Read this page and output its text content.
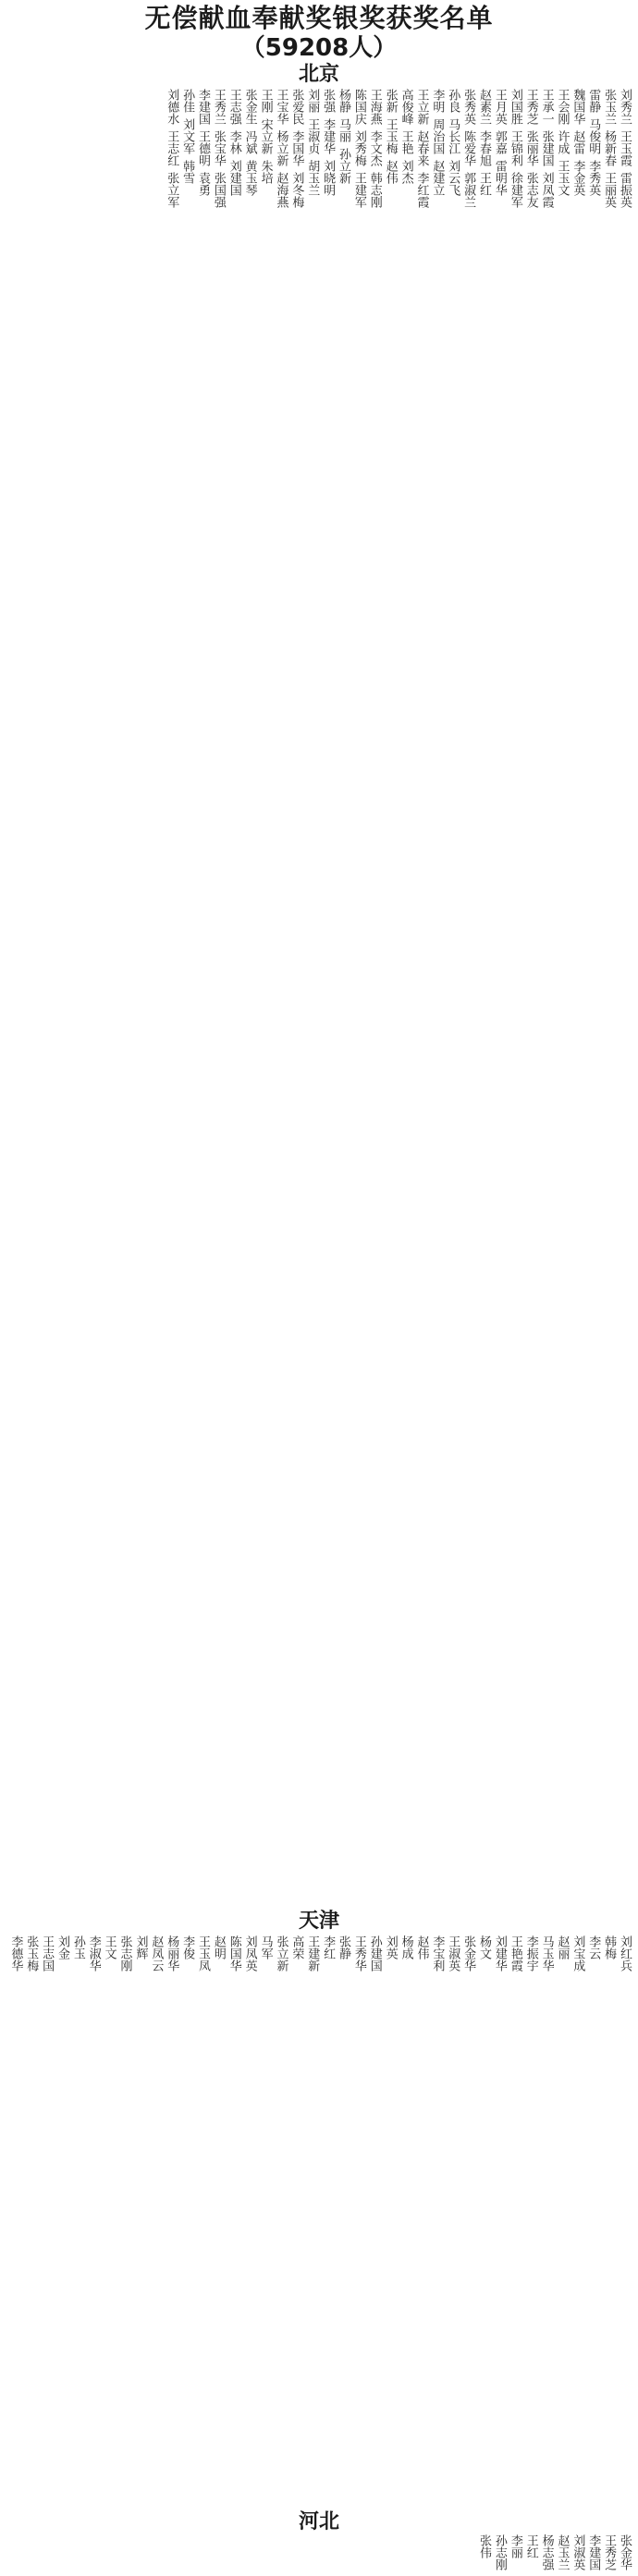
无偿献血奉献奖银奖获奖名单
（59208人）
北京
刘秀兰
王玉霞
雷振英
张玉兰
杨新春
王丽英
雷静
马俊明
李秀英
魏国华
赵雷
李金英
王会刚
许成
王玉文
王承一
张建国
刘凤霞
王秀芝
张丽华
张志友
刘国胜
王锦利
徐建军
王月英
郭嘉
雷明华
赵素兰
李春旭
王红
张秀英
陈爱华
郭淑兰
孙良
马长江
刘云飞
李明
周治国
赵建立
王立新
赵春来
李红霞
高俊峰
王艳
刘杰
张新
王玉梅
赵伟
王海燕
李文杰
韩志刚
陈国庆
刘秀梅
王建军
杨静
马丽
孙立新
张强
李建华
刘晓明
刘丽
王淑贞
胡玉兰
张爱民
李国华
刘冬梅
王宝华
杨立新
赵海燕
王刚
宋立新
朱培
张金生
冯斌
黄玉琴
王志强
李林
刘建国
王秀兰
张宝华
张国强
李建国
王德明
袁勇
孙佳
刘文军
韩雪
刘德水
王志红
张立军
天津
刘红兵
韩梅
李云
刘宝成
赵丽
马玉华
李振宇
王艳霞
刘建华
杨文
张金华
王淑英
李宝利
赵伟
杨成
刘英
孙建国
王秀华
张静
李红
王建新
高荣
张立新
马军
刘凤英
陈国华
赵明
王玉凤
李俊
杨丽华
赵凤云
刘辉
张志刚
王文
李淑华
孙玉
刘金
王志国
张玉梅
李德华
河北
张金华
王秀芝
李建国
刘淑英
赵玉兰
杨志强
王红
李丽
孙志刚
张伟
